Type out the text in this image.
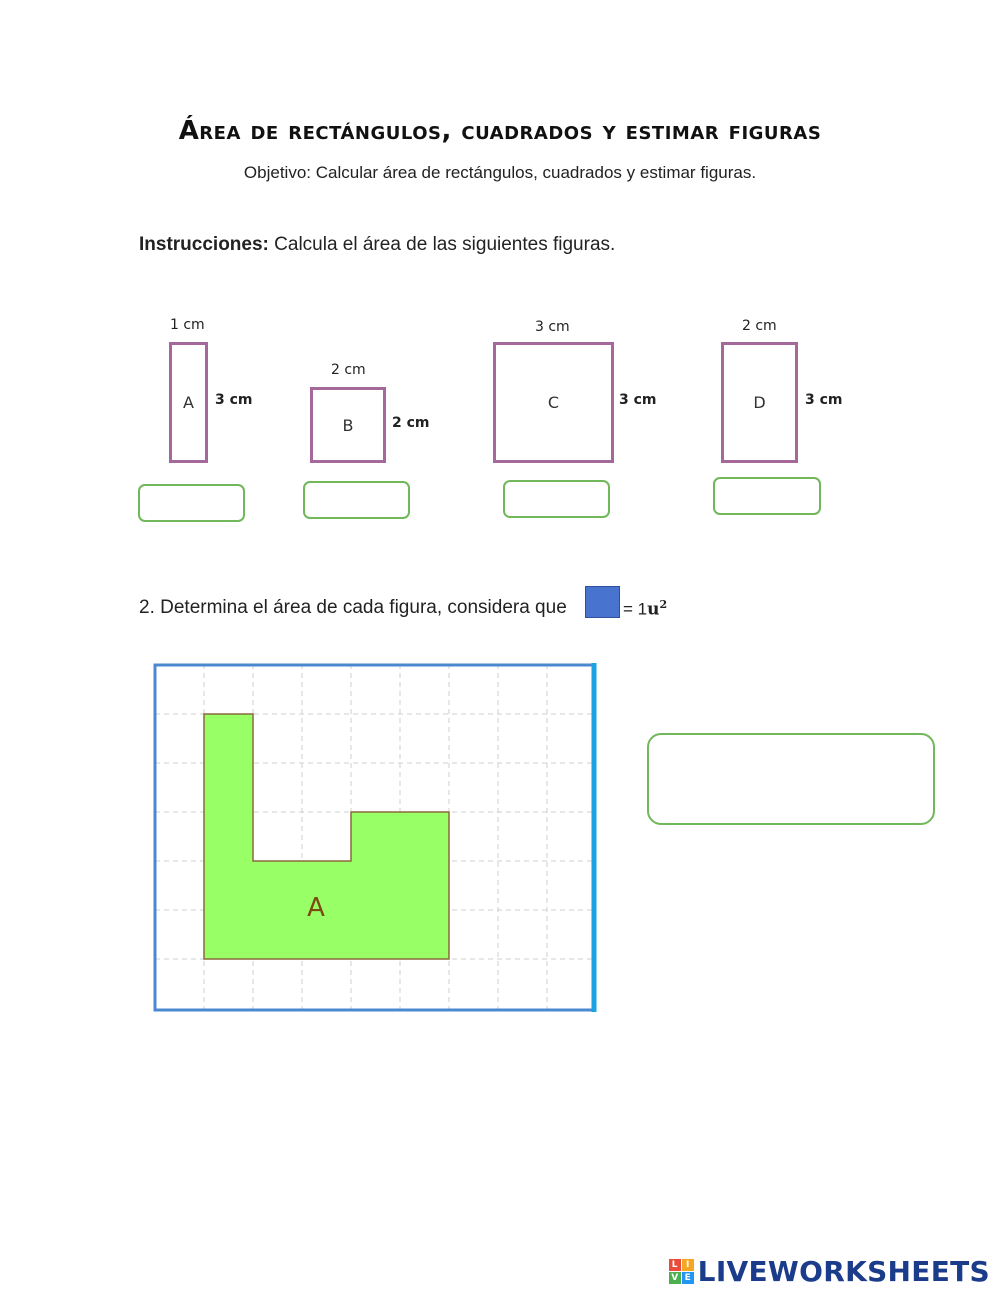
Área de rectángulos, cuadrados y estimar figuras
Objetivo: Calcular área de rectángulos, cuadrados y estimar figuras.
Instrucciones: Calcula el área de las siguientes figuras.
1 cm
A 3 cm
2 cm
B	2 cm
3 cm
C	3 cm
2 cm
D	3 cm
2. Determina el área de cada figura, considera que	= $1u^2$
A
L I
V E LIVEWORKSHEETS
